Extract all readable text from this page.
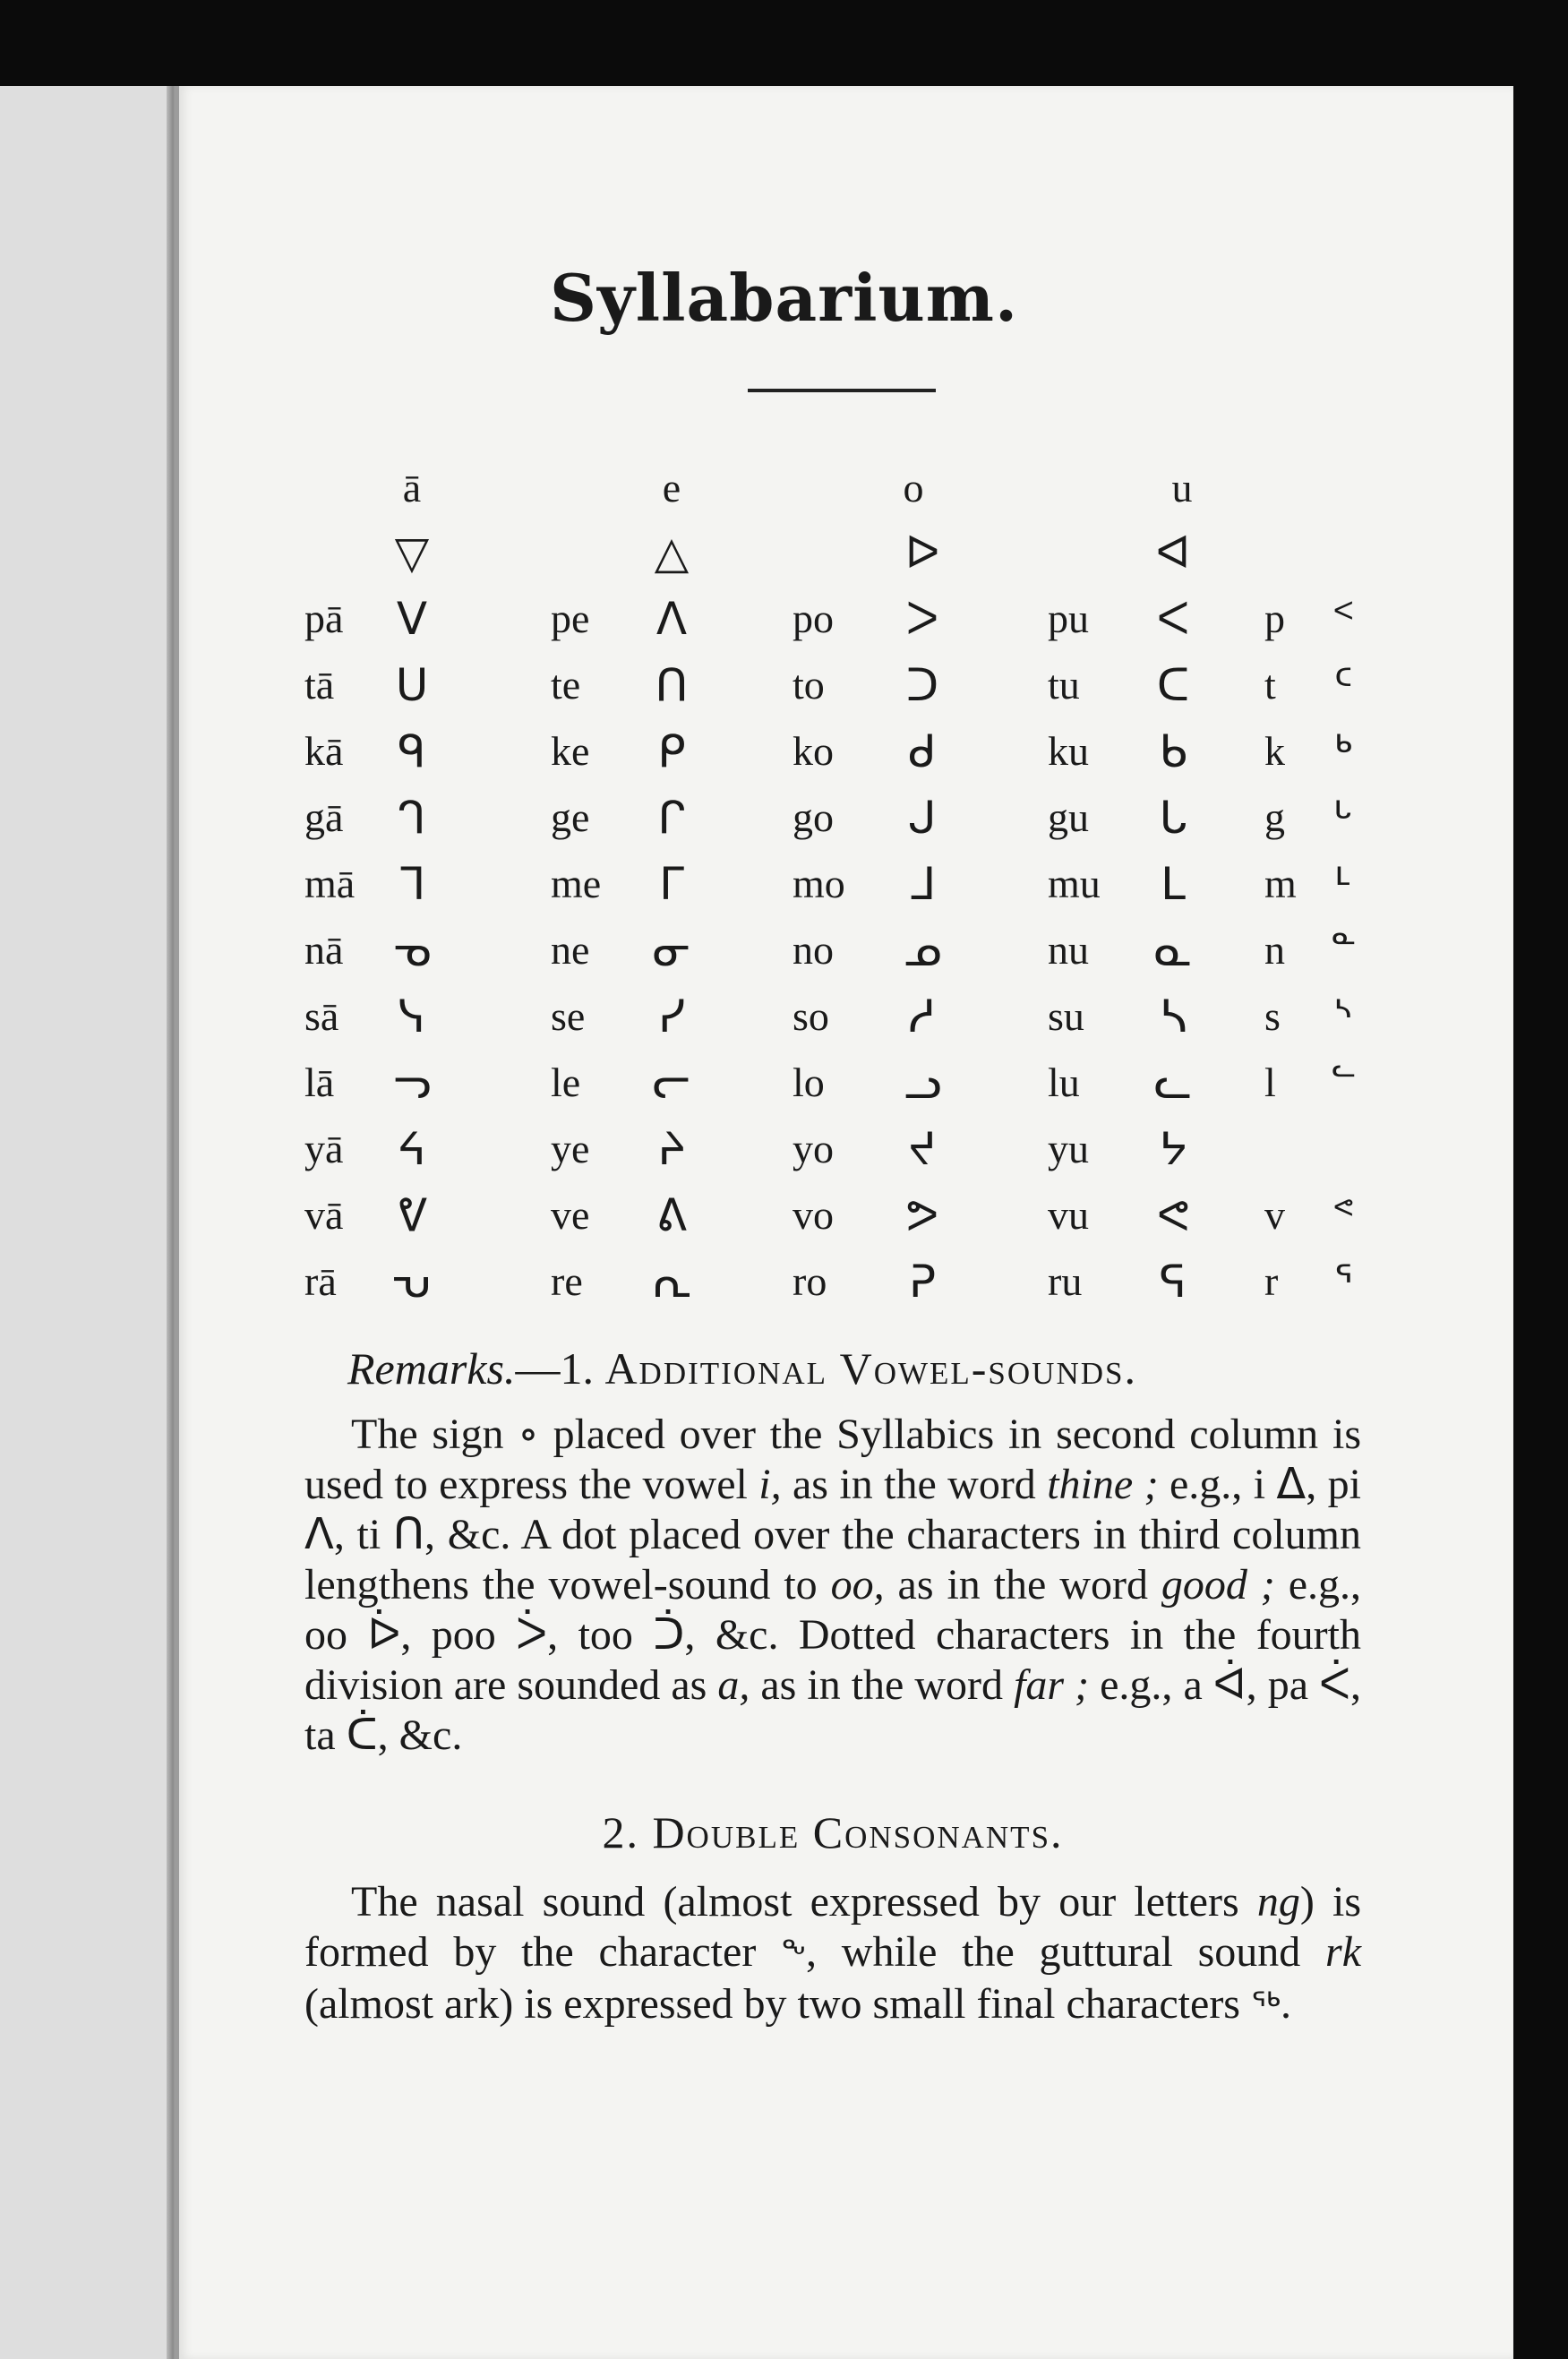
Syllabarium.
ā	e	o	u
▽	△	ᐅ	ᐊ
pā	ᐯ	pe	ᐱ	po	ᐳ	pu	ᐸ	p	ᑉ
tā	ᑌ	te	ᑎ	to	ᑐ	tu	ᑕ	t	ᑦ
kā	ᑫ	ke	ᑭ	ko	ᑯ	ku	ᑲ	k	ᒃ
gā	ᒉ	ge	ᒋ	go	ᒍ	gu	ᒐ	g	ᒡ
mā ᒣ	me	ᒥ	mo	ᒧ	mu	ᒪ	m ᒻ
nā	ᓀ	ne	ᓂ	no	ᓄ	nu	ᓇ	n ᓐ
sā	ᓭ	se	ᓯ	so	ᓱ	su	ᓴ	s	ᔅ
lā	ᓓ	le	ᓕ	lo	ᓗ	lu	ᓚ	l	ᓪ
yā	ᔦ	ye	ᔨ	yo	ᔪ	yu	ᔭ
vā	ᕓ	ve	ᕕ	vo	ᕗ	vu	ᕙ	v	ᕝ
rā	ᕃ	re	ᕆ	ro	ᕈ	ru	ᕋ	r	ᕐ
Remarks.—1. Additional Vowel-sounds.

The sign ∘ placed over the Syllabics in second column is used to express the vowel i, as in the word thine ; e.g., i ᐃ, pi ᐱ, ti ᑎ, &c. A dot placed over the characters in third column lengthens the vowel-sound to oo, as in the word good ; e.g., oo ᐆ, poo ᐴ, too ᑑ, &c. Dotted characters in the fourth division are sounded as a, as in the word far ; e.g., a ᐋ, pa ᐹ, ta ᑖ, &c.

2. Double Consonants.

The nasal sound (almost expressed by our letters ng) is formed by the character ᖕ, while the guttural sound rk (almost ark) is expressed by two small final characters ᖅ.
